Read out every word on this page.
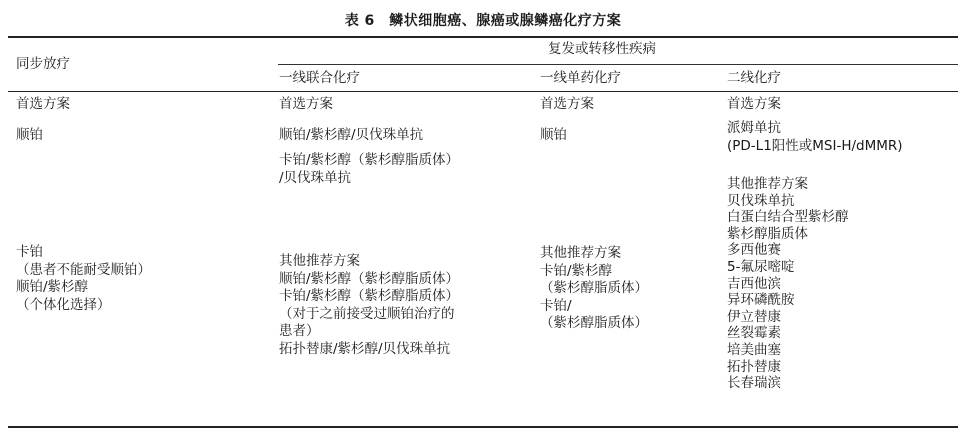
表 6　鳞状细胞癌、腺癌或腺鳞癌化疗方案
同步放疗
复发或转移性疾病
一线联合化疗	一线单药化疗	二线化疗
首选方案
顺铂
卡铂
（患者不能耐受顺铂）
顺铂/紫杉醇
（个体化选择）
首选方案
顺铂/紫杉醇/贝伐珠单抗
卡铂/紫杉醇（紫杉醇脂质体）
/贝伐珠单抗
其他推荐方案
顺铂/紫杉醇（紫杉醇脂质体）
卡铂/紫杉醇（紫杉醇脂质体）
（对于之前接受过顺铂治疗的
患者）
拓扑替康/紫杉醇/贝伐珠单抗
首选方案
顺铂
其他推荐方案
卡铂/紫杉醇
（紫杉醇脂质体）
卡铂/
（紫杉醇脂质体）
首选方案
派姆单抗
(PD-L1阳性或MSI-H/dMMR)
其他推荐方案
贝伐珠单抗
白蛋白结合型紫杉醇
紫杉醇脂质体
多西他赛
5-氟尿嘧啶
吉西他滨
异环磷酰胺
伊立替康
丝裂霉素
培美曲塞
拓扑替康
长春瑞滨
